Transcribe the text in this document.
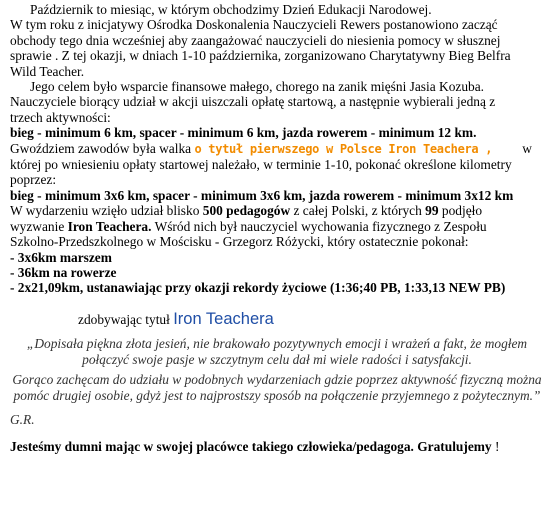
Październik to miesiąc, w którym obchodzimy Dzień Edukacji Narodowej.

W tym roku z inicjatywy Ośrodka Doskonalenia Nauczycieli Rewers postanowiono zacząć

obchody tego dnia wcześniej aby zaangażować nauczycieli do niesienia pomocy w słusznej

sprawie . Z tej okazji, w dniach 1-10 października, zorganizowano Charytatywny Bieg Belfra

Wild Teacher.

Jego celem było wsparcie finansowe małego, chorego na zanik mięśni Jasia Kozuba.

Nauczyciele biorący udział w akcji uiszczali opłatę startową, a następnie wybierali jedną z

trzech aktywności:

bieg - minimum 6 km, spacer - minimum 6 km, jazda rowerem - minimum 12 km.

Gwoździem zawodów była walka o tytuł pierwszego w Polsce Iron Teachera , w

której po wniesieniu opłaty startowej należało, w terminie 1-10, pokonać określone kilometry

poprzez:

bieg - minimum 3x6 km, spacer - minimum 3x6 km, jazda rowerem - minimum 3x12 km

W wydarzeniu wzięło udział blisko 500 pedagogów z całej Polski, z których 99 podjęło

wyzwanie Iron Teachera. Wśród nich był nauczyciel wychowania fizycznego z Zespołu

Szkolno-Przedszkolnego w Mościsku - Grzegorz Różycki, który ostatecznie pokonał:

- 3x6km marszem

- 36km na rowerze

- 2x21,09km, ustanawiając przy okazji rekordy życiowe (1:36;40 PB, 1:33,13 NEW PB)

zdobywając tytuł Iron Teachera

„Dopisała piękna złota jesień, nie brakowało pozytywnych emocji i wrażeń a fakt, że mogłem połączyć swoje pasje w szczytnym celu dał mi wiele radości i satysfakcji.

Gorąco zachęcam do udziału w podobnych wydarzeniach gdzie poprzez aktywność fizyczną można pomóc drugiej osobie, gdyż jest to najprostszy sposób na połączenie przyjemnego z pożytecznym.”

G.R.

Jesteśmy dumni mając w swojej placówce takiego człowieka/pedagoga. Gratulujemy !
